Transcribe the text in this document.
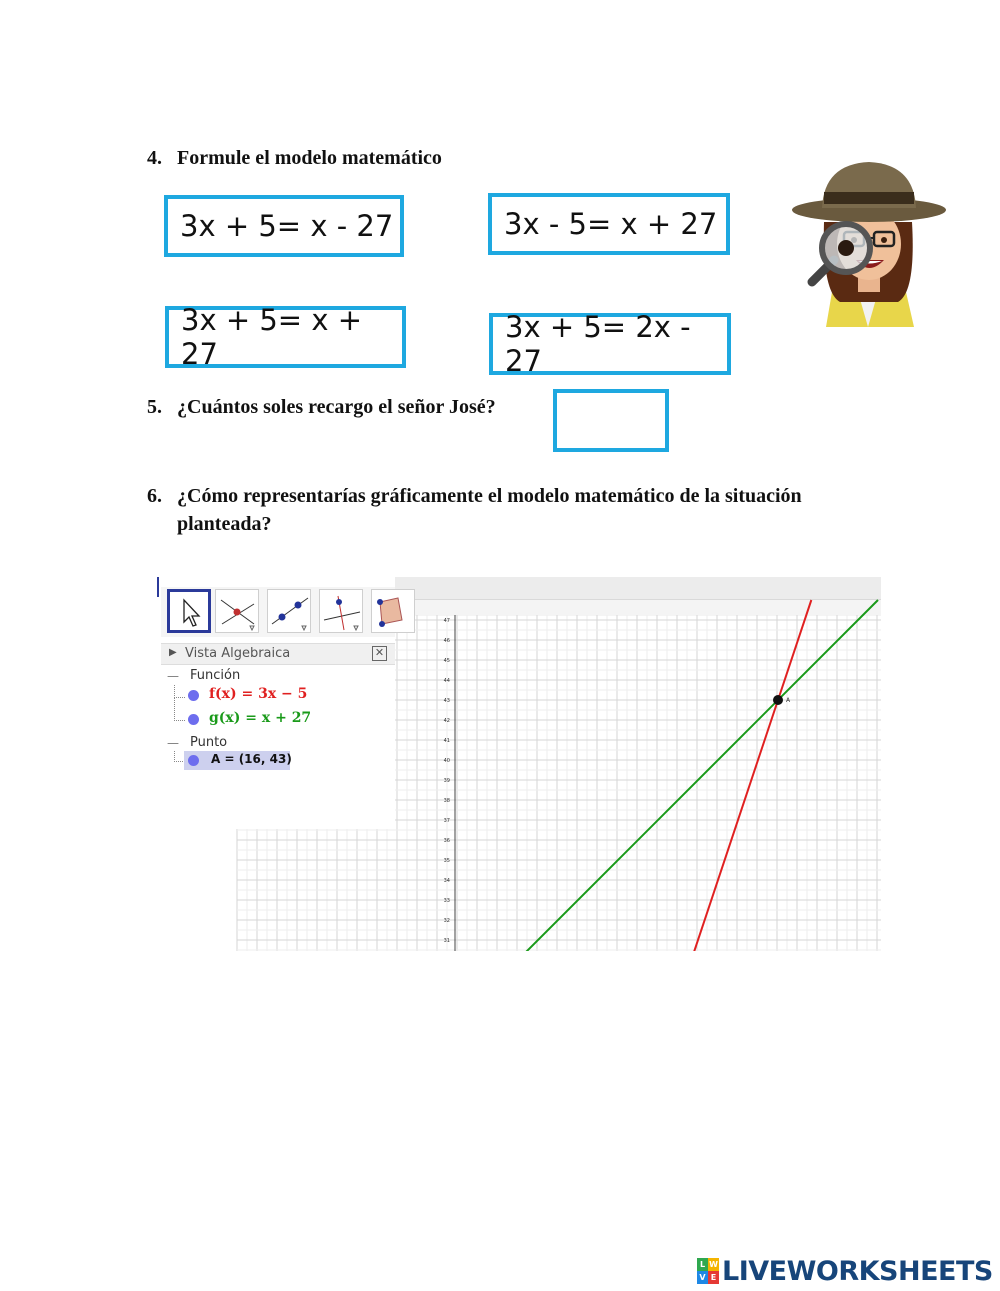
4. Formule el modelo matemático
3x + 5= x - 27	3x - 5= x + 27
3x + 5= x + 27
3x + 5= 2x - 27
5. ¿Cuántos soles recargo el señor José?
6. ¿Cómo representarías gráficamente el modelo matemático de la situación
planteada?
47
46
45
44
43
42
41
40
39
38
37
36
35
34
33
32
31
A
▶ Vista Algebraica	✕
— Función
f(x) = 3x − 5
g(x) = x + 27
— Punto
A = (16, 43)
L W
V E LIVEWORKSHEETS
